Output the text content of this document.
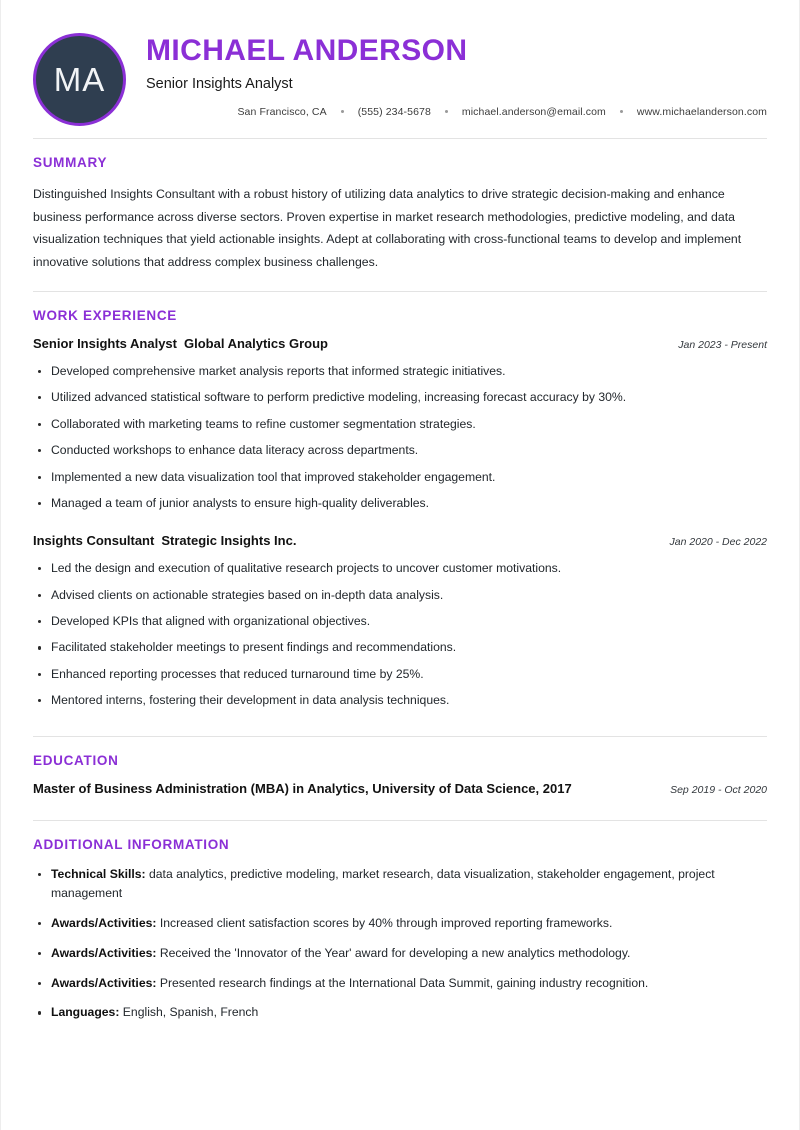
MA
MICHAEL ANDERSON
Senior Insights Analyst
San Francisco, CA	(555) 234-5678	michael.anderson@email.com	www.michaelanderson.com
SUMMARY

Distinguished Insights Consultant with a robust history of utilizing data analytics to drive strategic decision-making and enhance business performance across diverse sectors. Proven expertise in market research methodologies, predictive modeling, and data visualization techniques that yield actionable insights. Adept at collaborating with cross-functional teams to develop and implement innovative solutions that address complex business challenges.

WORK EXPERIENCE
Senior Insights Analyst Global Analytics Group	Jan 2023 - Present
Developed comprehensive market analysis reports that informed strategic initiatives.
Utilized advanced statistical software to perform predictive modeling, increasing forecast accuracy by 30%.
Collaborated with marketing teams to refine customer segmentation strategies.
Conducted workshops to enhance data literacy across departments.
Implemented a new data visualization tool that improved stakeholder engagement.
Managed a team of junior analysts to ensure high-quality deliverables.
Insights Consultant Strategic Insights Inc.	Jan 2020 - Dec 2022
Led the design and execution of qualitative research projects to uncover customer motivations.
Advised clients on actionable strategies based on in-depth data analysis.
Developed KPIs that aligned with organizational objectives.
Facilitated stakeholder meetings to present findings and recommendations.
Enhanced reporting processes that reduced turnaround time by 25%.
Mentored interns, fostering their development in data analysis techniques.
EDUCATION
Master of Business Administration (MBA) in Analytics, University of Data Science, 2017	Sep 2019 - Oct 2020
ADDITIONAL INFORMATION
Technical Skills: data analytics, predictive modeling, market research, data visualization, stakeholder engagement, project management
Awards/Activities: Increased client satisfaction scores by 40% through improved reporting frameworks.
Awards/Activities: Received the 'Innovator of the Year' award for developing a new analytics methodology.
Awards/Activities: Presented research findings at the International Data Summit, gaining industry recognition.
Languages: English, Spanish, French
